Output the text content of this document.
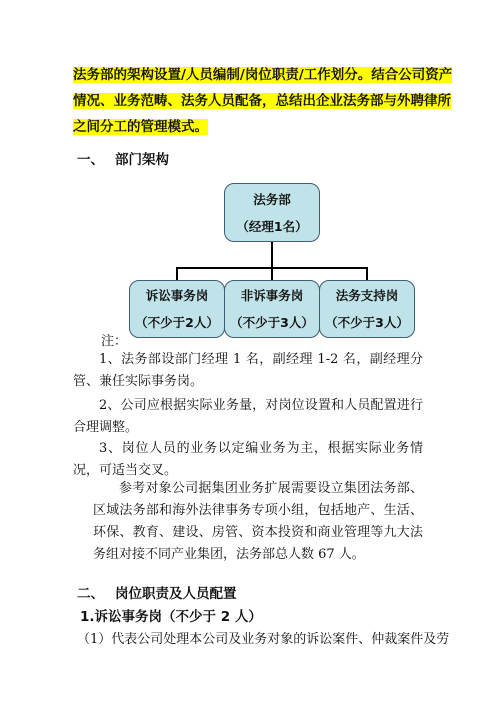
法务部的架构设置/人员编制/岗位职责/工作划分。结合公司资产情况、业务范畴、法务人员配备，总结出企业法务部与外聘律所之间分工的管理模式。
一、 部门架构
法务部
（经理1名）
诉讼事务岗
（不少于2人）
非诉事务岗
（不少于3人）
法务支持岗
（不少于3人）
注：

1、法务部设部门经理 1 名，副经理 1-2 名，副经理分管、兼任实际事务岗。

2、公司应根据实际业务量，对岗位设置和人员配置进行合理调整。

3、岗位人员的业务以定编业务为主，根据实际业务情况，可适当交叉。

参考对象公司据集团业务扩展需要设立集团法务部、区域法务部和海外法律事务专项小组，包括地产、生活、环保、教育、建设、房管、资本投资和商业管理等九大法务组对接不同产业集团，法务部总人数 67 人。

二、 岗位职责及人员配置
1.诉讼事务岗（不少于 2 人）
（1）代表公司处理本公司及业务对象的诉讼案件、仲裁案件及劳
